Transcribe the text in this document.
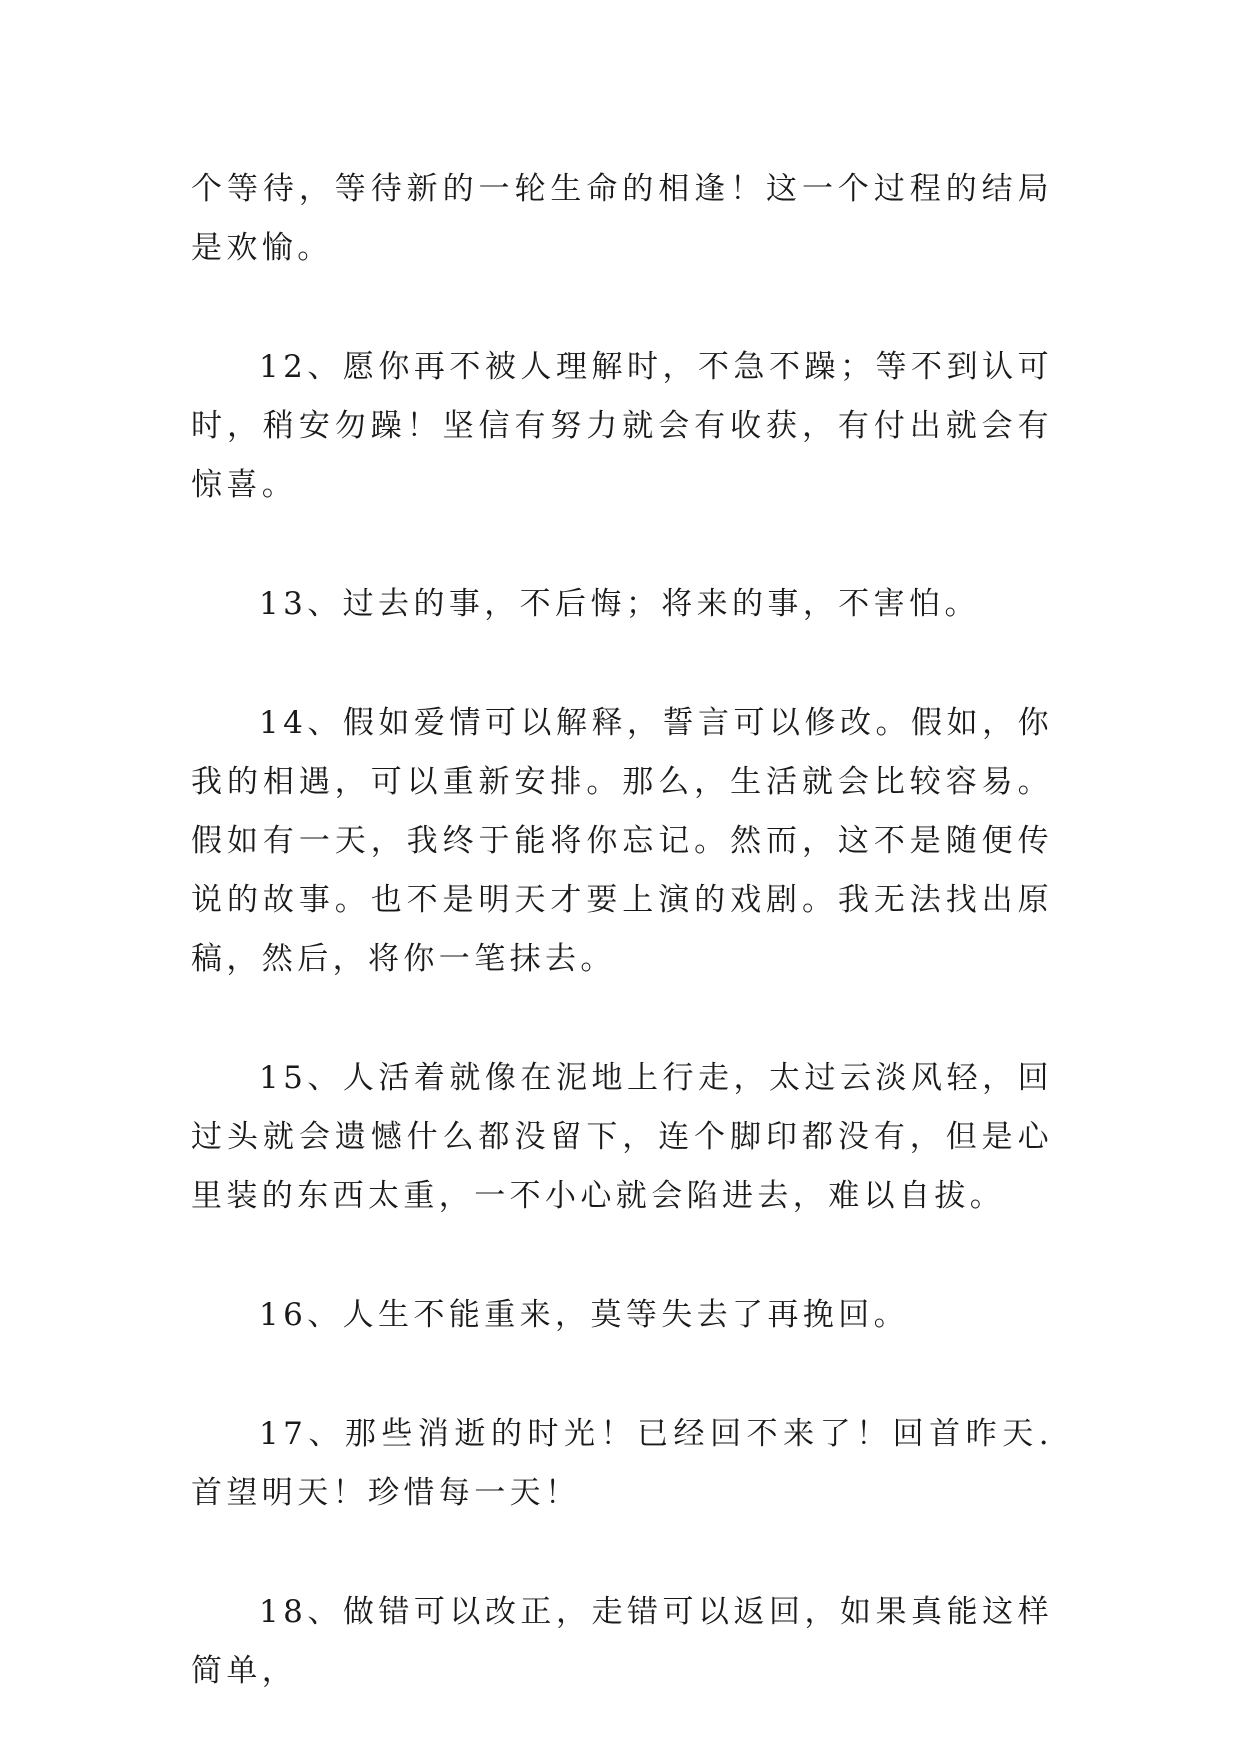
个等待，等待新的一轮生命的相逢！这一个过程的结局是欢愉。

12、愿你再不被人理解时，不急不躁；等不到认可时，稍安勿躁！坚信有努力就会有收获，有付出就会有惊喜。

13、过去的事，不后悔；将来的事，不害怕。

14、假如爱情可以解释，誓言可以修改。假如，你我的相遇，可以重新安排。那么，生活就会比较容易。假如有一天，我终于能将你忘记。然而，这不是随便传说的故事。也不是明天才要上演的戏剧。我无法找出原稿，然后，将你一笔抹去。

15、人活着就像在泥地上行走，太过云淡风轻，回过头就会遗憾什么都没留下，连个脚印都没有，但是心里装的东西太重，一不小心就会陷进去，难以自拔。

16、人生不能重来，莫等失去了再挽回。

17、那些消逝的时光！已经回不来了！回首昨天.首望明天！珍惜每一天！

18、做错可以改正，走错可以返回，如果真能这样简单，
